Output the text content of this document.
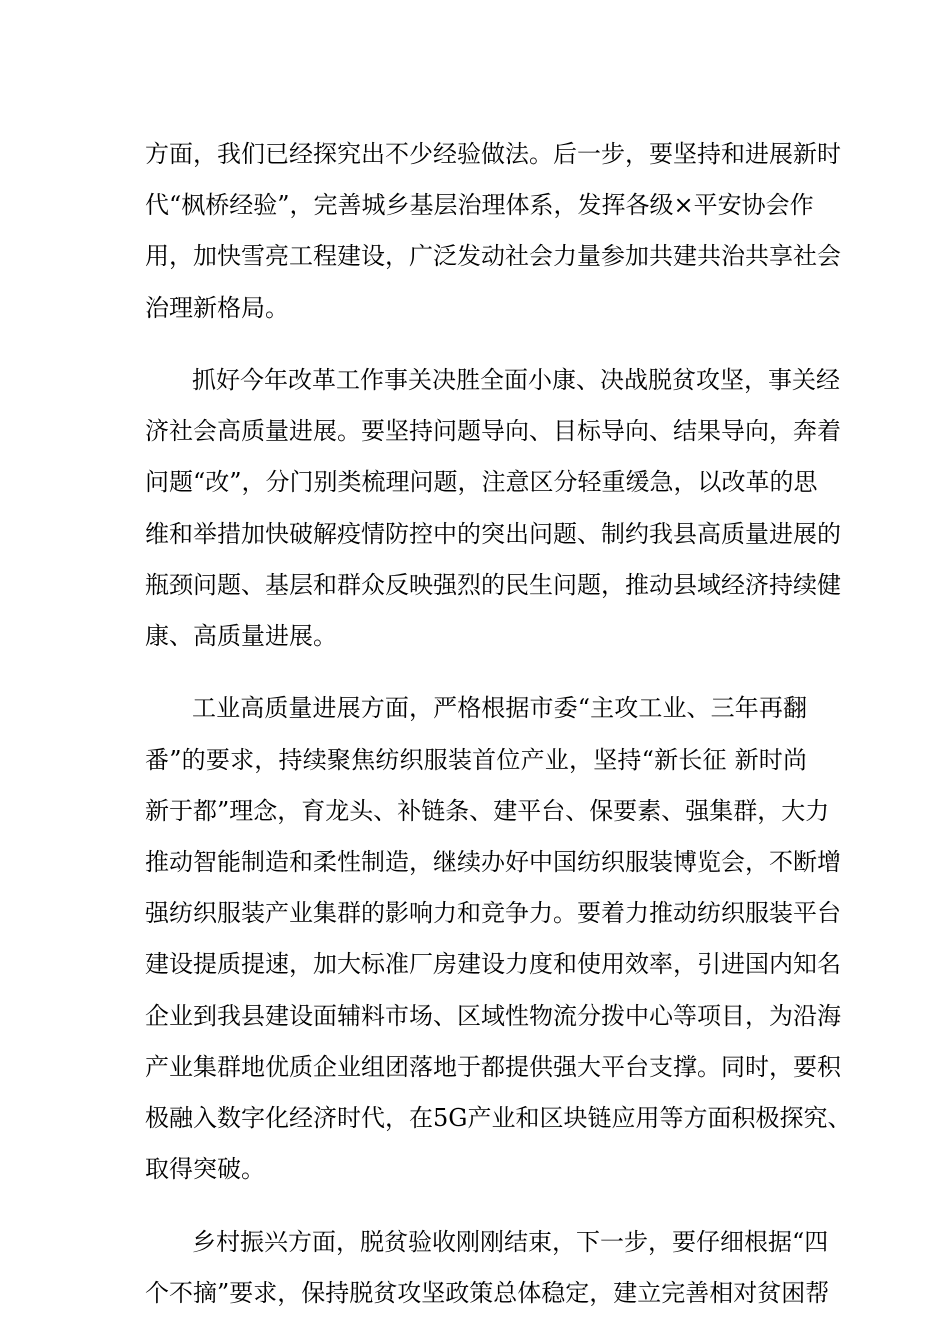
方面，我们已经探究出不少经验做法。后一步，要坚持和进展新时
代“枫桥经验”，完善城乡基层治理体系，发挥各级×平安协会作
用，加快雪亮工程建设，广泛发动社会力量参加共建共治共享社会
治理新格局。
抓好今年改革工作事关决胜全面小康、决战脱贫攻坚，事关经
济社会高质量进展。要坚持问题导向、目标导向、结果导向，奔着
问题“改”，分门别类梳理问题，注意区分轻重缓急，以改革的思
维和举措加快破解疫情防控中的突出问题、制约我县高质量进展的
瓶颈问题、基层和群众反映强烈的民生问题，推动县域经济持续健
康、高质量进展。
工业高质量进展方面，严格根据市委“主攻工业、三年再翻
番”的要求，持续聚焦纺织服装首位产业，坚持“新长征 新时尚
新于都”理念，育龙头、补链条、建平台、保要素、强集群，大力
推动智能制造和柔性制造，继续办好中国纺织服装博览会，不断增
强纺织服装产业集群的影响力和竞争力。要着力推动纺织服装平台
建设提质提速，加大标准厂房建设力度和使用效率，引进国内知名
企业到我县建设面辅料市场、区域性物流分拨中心等项目，为沿海
产业集群地优质企业组团落地于都提供强大平台支撑。同时，要积
极融入数字化经济时代，在5G产业和区块链应用等方面积极探究、
取得突破。
乡村振兴方面，脱贫验收刚刚结束，下一步，要仔细根据“四
个不摘”要求，保持脱贫攻坚政策总体稳定，建立完善相对贫困帮
